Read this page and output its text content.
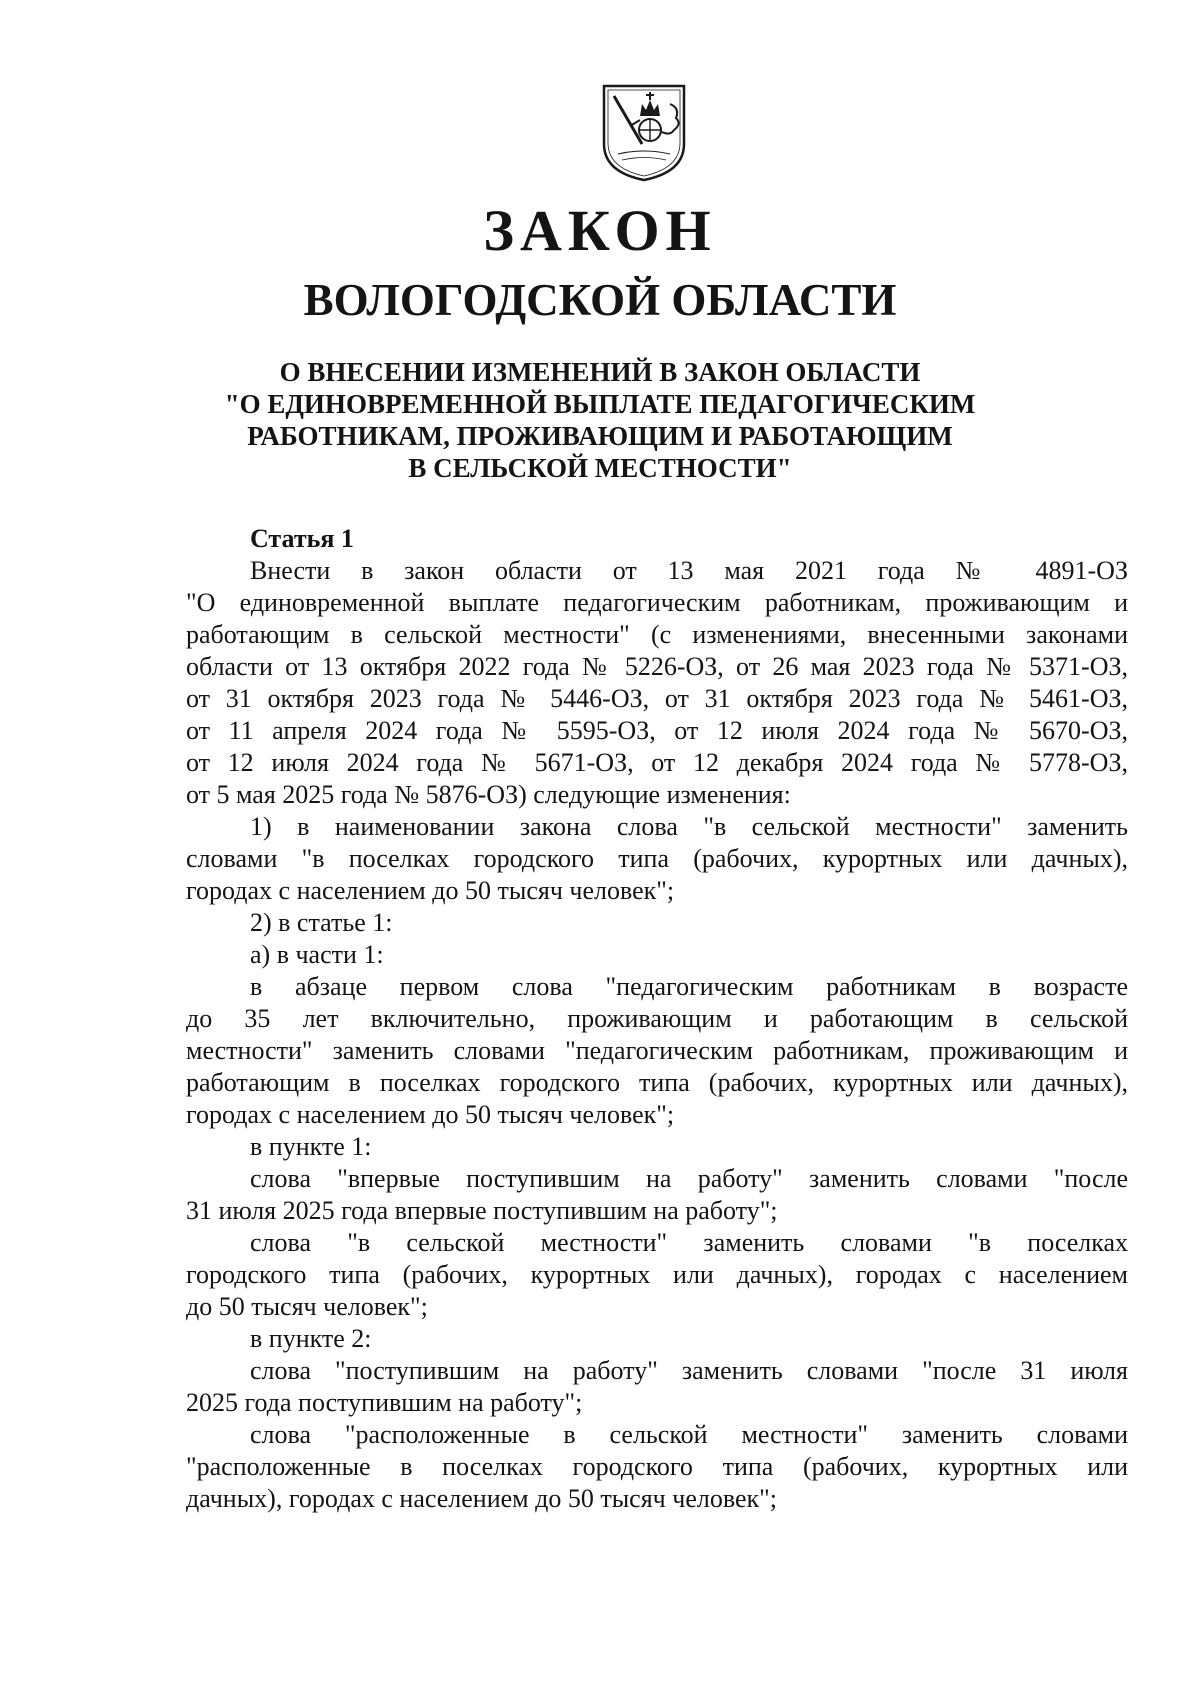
ЗАКОН
ВОЛОГОДСКОЙ ОБЛАСТИ
О ВНЕСЕНИИ ИЗМЕНЕНИЙ В ЗАКОН ОБЛАСТИ
"О ЕДИНОВРЕМЕННОЙ ВЫПЛАТЕ ПЕДАГОГИЧЕСКИМ
РАБОТНИКАМ, ПРОЖИВАЮЩИМ И РАБОТАЮЩИМ
В СЕЛЬСКОЙ МЕСТНОСТИ"
Статья 1
Внести в закон области от 13 мая 2021 года № 4891-ОЗ
"О единовременной выплате педагогическим работникам, проживающим и
работающим в сельской местности" (с изменениями, внесенными законами
области от 13 октября 2022 года № 5226-ОЗ, от 26 мая 2023 года № 5371-ОЗ,
от 31 октября 2023 года № 5446-ОЗ, от 31 октября 2023 года № 5461-ОЗ,
от 11 апреля 2024 года № 5595-ОЗ, от 12 июля 2024 года № 5670-ОЗ,
от 12 июля 2024 года № 5671-ОЗ, от 12 декабря 2024 года № 5778-ОЗ,
от 5 мая 2025 года № 5876-ОЗ) следующие изменения:
1) в наименовании закона слова "в сельской местности" заменить
словами "в поселках городского типа (рабочих, курортных или дачных),
городах с населением до 50 тысяч человек";
2) в статье 1:
а) в части 1:
в абзаце первом слова "педагогическим работникам в возрасте
до 35 лет включительно, проживающим и работающим в сельской
местности" заменить словами "педагогическим работникам, проживающим и
работающим в поселках городского типа (рабочих, курортных или дачных),
городах с населением до 50 тысяч человек";
в пункте 1:
слова "впервые поступившим на работу" заменить словами "после
31 июля 2025 года впервые поступившим на работу";
слова "в сельской местности" заменить словами "в поселках
городского типа (рабочих, курортных или дачных), городах с населением
до 50 тысяч человек";
в пункте 2:
слова "поступившим на работу" заменить словами "после 31 июля
2025 года поступившим на работу";
слова "расположенные в сельской местности" заменить словами
"расположенные в поселках городского типа (рабочих, курортных или
дачных), городах с населением до 50 тысяч человек";
